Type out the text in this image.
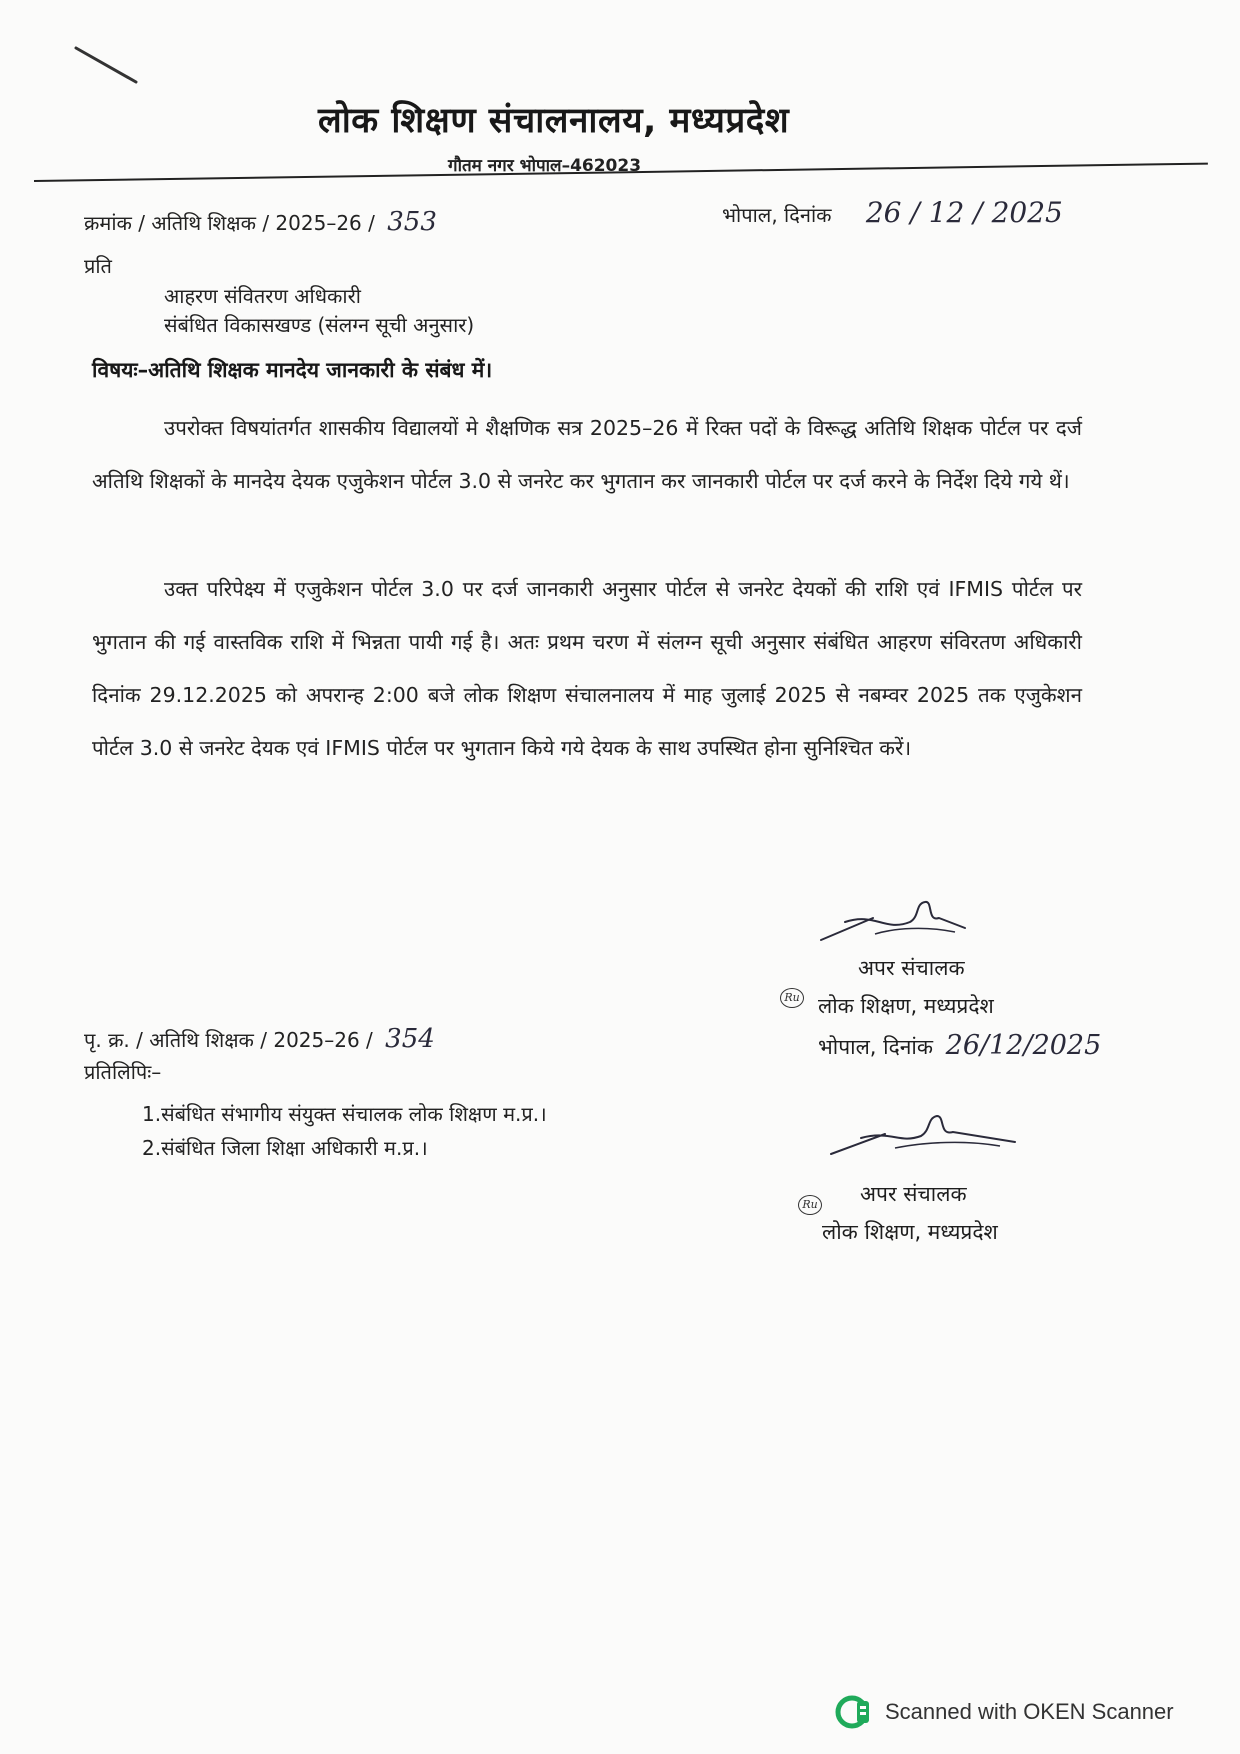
लोक शिक्षण संचालनालय, मध्यप्रदेश
गौतम नगर भोपाल–462023
क्रमांक / अतिथि शिक्षक / 2025–26 / 353	भोपाल, दिनांक 26 / 12 / 2025
प्रति
आहरण संवितरण अधिकारी
संबंधित विकासखण्ड (संलग्न सूची अनुसार)
विषयः–अतिथि शिक्षक मानदेय जानकारी के संबंध में।
उपरोक्त विषयांतर्गत शासकीय विद्यालयों मे शैक्षणिक सत्र 2025–26 में रिक्त पदों के विरूद्ध अतिथि शिक्षक पोर्टल पर दर्ज अतिथि शिक्षकों के मानदेय देयक एजुकेशन पोर्टल 3.0 से जनरेट कर भुगतान कर जानकारी पोर्टल पर दर्ज करने के निर्देश दिये गये थें।
उक्त परिपेक्ष्य में एजुकेशन पोर्टल 3.0 पर दर्ज जानकारी अनुसार पोर्टल से जनरेट देयकों की राशि एवं IFMIS पोर्टल पर भुगतान की गई वास्तविक राशि में भिन्नता पायी गई है। अतः प्रथम चरण में संलग्न सूची अनुसार संबंधित आहरण संविरतण अधिकारी दिनांक 29.12.2025 को अपरान्ह 2:00 बजे लोक शिक्षण संचालनालय में माह जुलाई 2025 से नबम्वर 2025 तक एजुकेशन पोर्टल 3.0 से जनरेट देयक एवं IFMIS पोर्टल पर भुगतान किये गये देयक के साथ उपस्थित होना सुनिश्चित करें।
अपर संचालक
Ru लोक शिक्षण, मध्यप्रदेश
पृ. क्र. / अतिथि शिक्षक / 2025–26 / 354
प्रतिलिपिः–
1.संबंधित संभागीय संयुक्त संचालक लोक शिक्षण म.प्र.।
2.संबंधित जिला शिक्षा अधिकारी म.प्र.।
भोपाल, दिनांक 26/12/2025
अपर संचालक
Ru
लोक शिक्षण, मध्यप्रदेश
Scanned with OKEN Scanner
